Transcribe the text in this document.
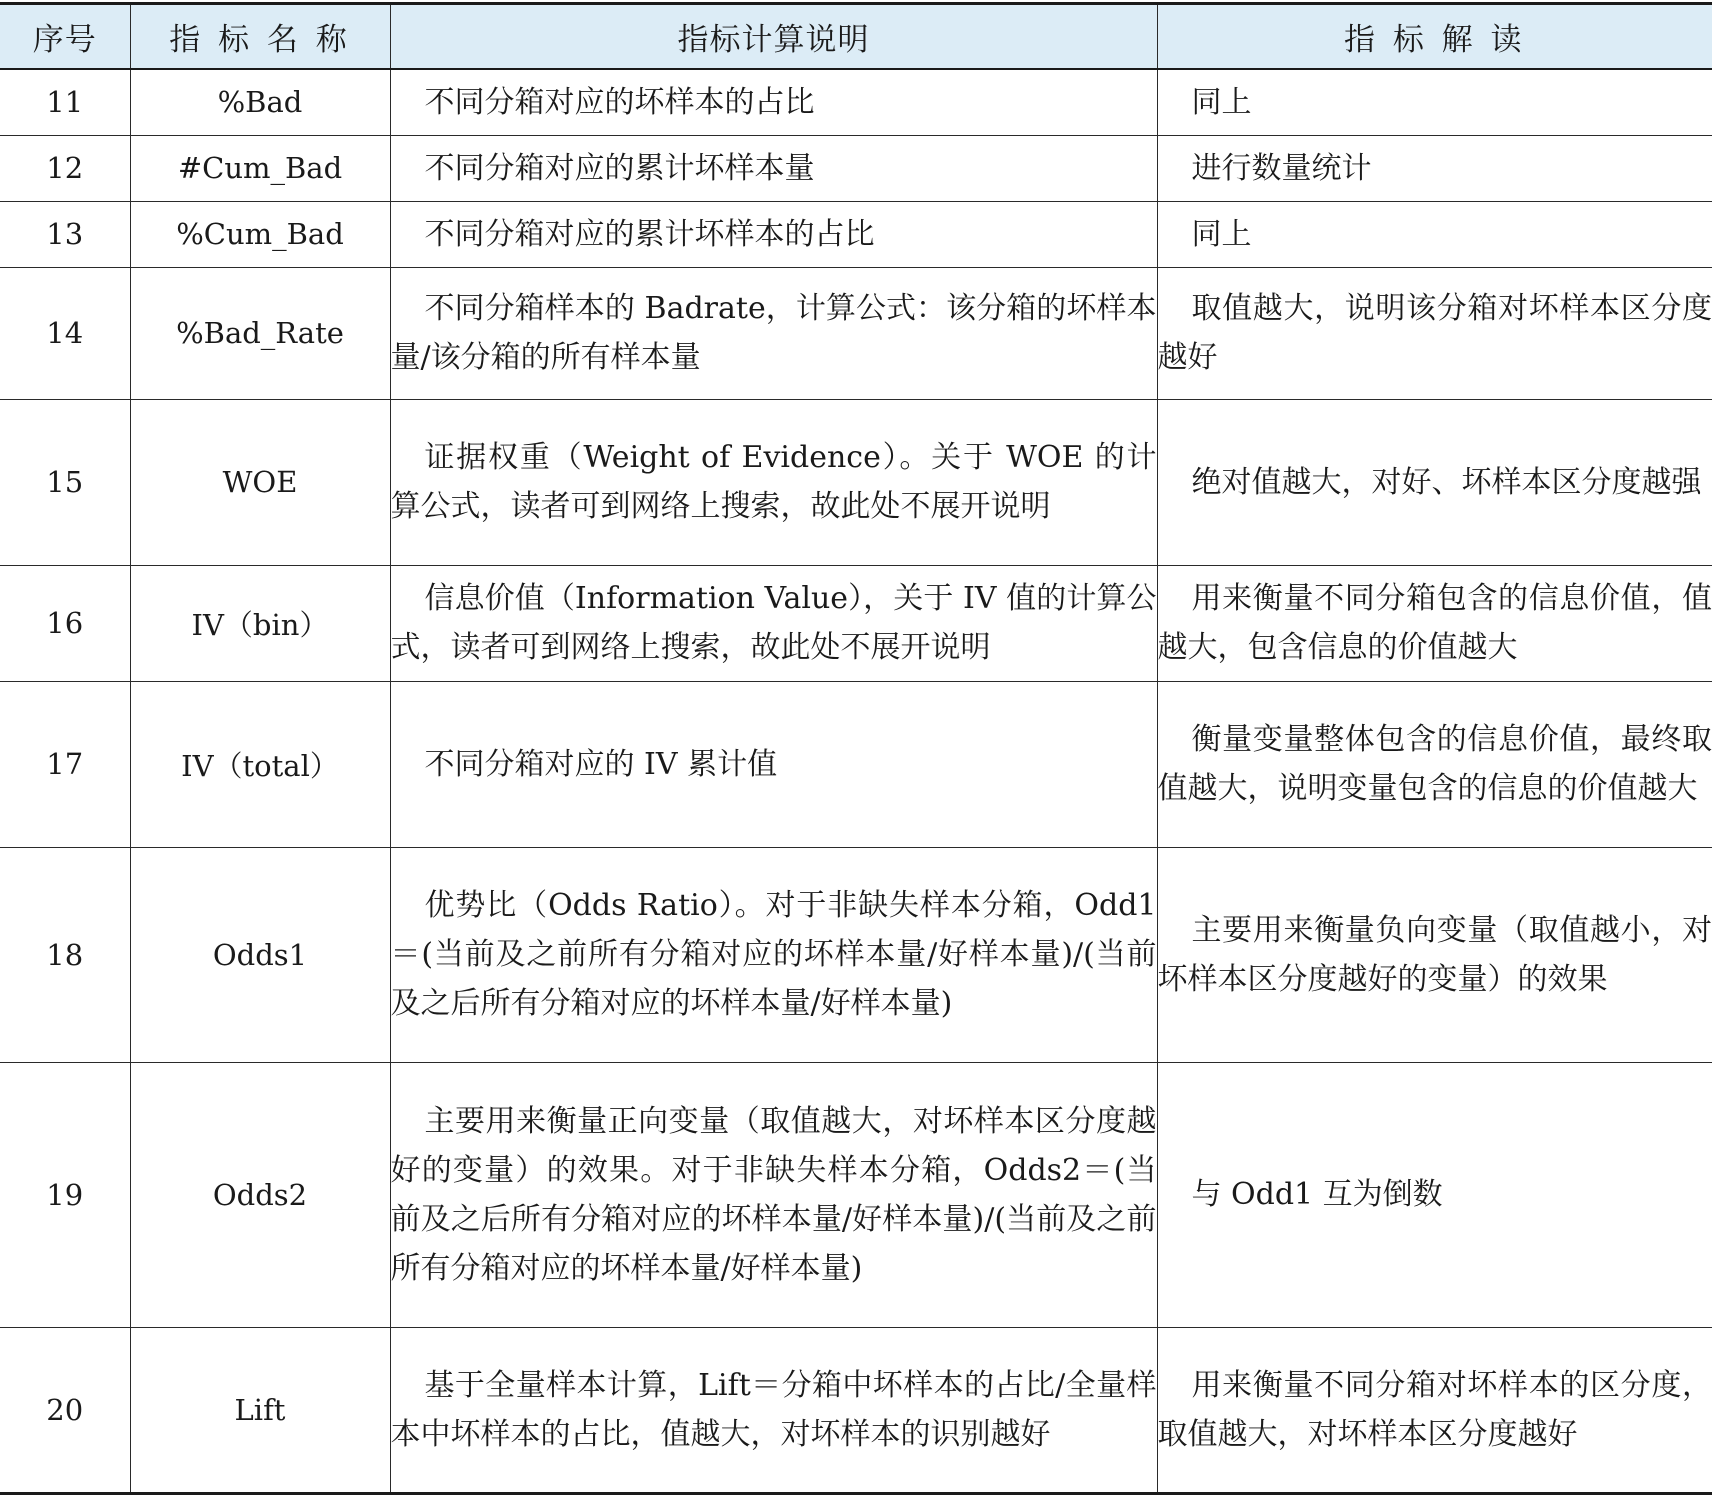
序号	指 标 名 称	指标计算说明	指 标 解 读
11	%Bad	不同分箱对应的坏样本的占比	同上

12	#Cum_Bad	不同分箱对应的累计坏样本量	进行数量统计

13	%Cum_Bad	不同分箱对应的累计坏样本的占比	同上

14	%Bad_Rate	不同分箱样本的 Badrate，计算公式：该分箱的坏样本量/该分箱的所有样本量	取值越大，说明该分箱对坏样本区分度越好

15	WOE	证据权重（Weight of Evidence）。关于 WOE 的计算公式，读者可到网络上搜索，故此处不展开说明	绝对值越大，对好、坏样本区分度越强

16	IV（bin）	信息价值（Information Value），关于 IV 值的计算公式，读者可到网络上搜索，故此处不展开说明	用来衡量不同分箱包含的信息价值，值越大，包含信息的价值越大

17	IV（total）	不同分箱对应的 IV 累计值	衡量变量整体包含的信息价值，最终取值越大，说明变量包含的信息的价值越大

18	Odds1	优势比（Odds Ratio）。对于非缺失样本分箱，Odd1＝(当前及之前所有分箱对应的坏样本量/好样本量)/(当前及之后所有分箱对应的坏样本量/好样本量)	主要用来衡量负向变量（取值越小，对坏样本区分度越好的变量）的效果

19	Odds2	主要用来衡量正向变量（取值越大，对坏样本区分度越好的变量）的效果。对于非缺失样本分箱，Odds2＝(当前及之后所有分箱对应的坏样本量/好样本量)/(当前及之前所有分箱对应的坏样本量/好样本量)	与 Odd1 互为倒数

20	Lift	基于全量样本计算，Lift＝分箱中坏样本的占比/全量样本中坏样本的占比，值越大，对坏样本的识别越好	用来衡量不同分箱对坏样本的区分度，取值越大，对坏样本区分度越好
